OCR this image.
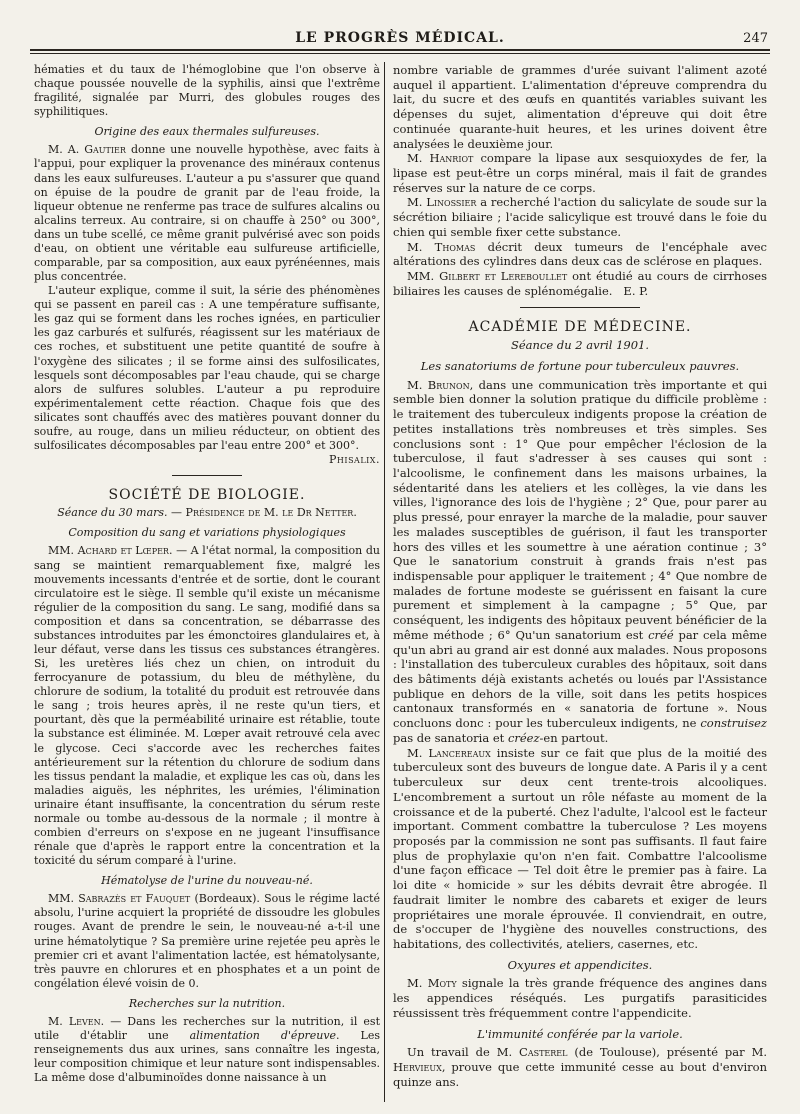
LE PROGRÈS MÉDICAL.	247

hématies et du taux de l'hémoglobine que l'on observe à chaque poussée nouvelle de la syphilis, ainsi que l'extrême fragilité, signalée par Murri, des globules rouges des syphilitiques.

Origine des eaux thermales sulfureuses.

M. A. Gautier donne une nouvelle hypothèse, avec faits à l'appui, pour expliquer la provenance des minéraux contenus dans les eaux sulfureuses. L'auteur a pu s'assurer que quand on épuise de la poudre de granit par de l'eau froide, la liqueur obtenue ne renferme pas trace de sulfures alcalins ou alcalins terreux. Au contraire, si on chauffe à 250° ou 300°, dans un tube scellé, ce même granit pulvérisé avec son poids d'eau, on obtient une véritable eau sulfureuse artificielle, comparable, par sa composition, aux eaux pyrénéennes, mais plus concentrée.

L'auteur explique, comme il suit, la série des phénomènes qui se passent en pareil cas : A une température suffisante, les gaz qui se forment dans les roches ignées, en particulier les gaz carburés et sulfurés, réagissent sur les matériaux de ces roches, et substituent une petite quantité de soufre à l'oxygène des silicates ; il se forme ainsi des sulfosilicates, lesquels sont décomposables par l'eau chaude, qui se charge alors de sulfures solubles. L'auteur a pu reproduire expérimentalement cette réaction. Chaque fois que des silicates sont chauffés avec des matières pouvant donner du soufre, au rouge, dans un milieu réducteur, on obtient des sulfosilicates décomposables par l'eau entre 200° et 300°.

Phisalix.
SOCIÉTÉ DE BIOLOGIE.
Séance du 30 mars. — Présidence de M. le Dr Netter.
Composition du sang et variations physiologiques

MM. Achard et Lœper. — A l'état normal, la composition du sang se maintient remarquablement fixe, malgré les mouvements incessants d'entrée et de sortie, dont le courant circulatoire est le siège. Il semble qu'il existe un mécanisme régulier de la composition du sang. Le sang, modifié dans sa composition et dans sa concentration, se débarrasse des substances introduites par les émonctoires glandulaires et, à leur défaut, verse dans les tissus ces substances étrangères. Si, les uretères liés chez un chien, on introduit du ferrocyanure de potassium, du bleu de méthylène, du chlorure de sodium, la totalité du produit est retrouvée dans le sang ; trois heures après, il ne reste qu'un tiers, et pourtant, dès que la perméabilité urinaire est rétablie, toute la substance est éliminée. M. Lœper avait retrouvé cela avec le glycose. Ceci s'accorde avec les recherches faites antérieurement sur la rétention du chlorure de sodium dans les tissus pendant la maladie, et explique les cas où, dans les maladies aiguës, les néphrites, les urémies, l'élimination urinaire étant insuffisante, la concentration du sérum reste normale ou tombe au-dessous de la normale ; il montre à combien d'erreurs on s'expose en ne jugeant l'insuffisance rénale que d'après le rapport entre la concentration et la toxicité du sérum comparé à l'urine.

Hématolyse de l'urine du nouveau-né.

MM. Sabrazès et Fauquet (Bordeaux). Sous le régime lacté absolu, l'urine acquiert la propriété de dissoudre les globules rouges. Avant de prendre le sein, le nouveau-né a-t-il une urine hématolytique ? Sa première urine rejetée peu après le premier cri et avant l'alimentation lactée, est hématolysante, très pauvre en chlorures et en phosphates et a un point de congélation élevé voisin de 0.

Recherches sur la nutrition.

M. Leven. — Dans les recherches sur la nutrition, il est utile d'établir une alimentation d'épreuve. Les renseignements dus aux urines, sans connaître les ingesta, leur composition chimique et leur nature sont indispensables. La même dose d'albuminoïdes donne naissance à un

nombre variable de grammes d'urée suivant l'aliment azoté auquel il appartient. L'alimentation d'épreuve comprendra du lait, du sucre et des œufs en quantités variables suivant les dépenses du sujet, alimentation d'épreuve qui doit être continuée quarante-huit heures, et les urines doivent être analysées le deuxième jour.

M. Hanriot compare la lipase aux sesquioxydes de fer, la lipase est peut-être un corps minéral, mais il fait de grandes réserves sur la nature de ce corps.

M. Linossier a recherché l'action du salicylate de soude sur la sécrétion biliaire ; l'acide salicylique est trouvé dans le foie du chien qui semble fixer cette substance.

M. Thomas décrit deux tumeurs de l'encéphale avec altérations des cylindres dans deux cas de sclérose en plaques.

MM. Gilbert et Lereboullet ont étudié au cours de cirrhoses biliaires les causes de splénomégalie. E. P.

ACADÉMIE DE MÉDECINE.
Séance du 2 avril 1901.
Les sanatoriums de fortune pour tuberculeux pauvres.

M. Brunon, dans une communication très importante et qui semble bien donner la solution pratique du difficile problème : le traitement des tuberculeux indigents propose la création de petites installations très nombreuses et très simples. Ses conclusions sont : 1° Que pour empêcher l'éclosion de la tuberculose, il faut s'adresser à ses causes qui sont : l'alcoolisme, le confinement dans les maisons urbaines, la sédentarité dans les ateliers et les collèges, la vie dans les villes, l'ignorance des lois de l'hygiène ; 2° Que, pour parer au plus pressé, pour enrayer la marche de la maladie, pour sauver les malades susceptibles de guérison, il faut les transporter hors des villes et les soumettre à une aération continue ; 3° Que le sanatorium construit à grands frais n'est pas indispensable pour appliquer le traitement ; 4° Que nombre de malades de fortune modeste se guérissent en faisant la cure purement et simplement à la campagne ; 5° Que, par conséquent, les indigents des hôpitaux peuvent bénéficier de la même méthode ; 6° Qu'un sanatorium est créé par cela même qu'un abri au grand air est donné aux malades. Nous proposons : l'installation des tuberculeux curables des hôpitaux, soit dans des bâtiments déjà existants achetés ou loués par l'Assistance publique en dehors de la ville, soit dans les petits hospices cantonaux transformés en « sanatoria de fortune ». Nous concluons donc : pour les tuberculeux indigents, ne construisez pas de sanatoria et créez-en partout.

M. Lancereaux insiste sur ce fait que plus de la moitié des tuberculeux sont des buveurs de longue date. A Paris il y a cent tuberculeux sur deux cent trente-trois alcooliques. L'encombrement a surtout un rôle néfaste au moment de la croissance et de la puberté. Chez l'adulte, l'alcool est le facteur important. Comment combattre la tuberculose ? Les moyens proposés par la commission ne sont pas suffisants. Il faut faire plus de prophylaxie qu'on n'en fait. Combattre l'alcoolisme d'une façon efficace — Tel doit être le premier pas à faire. La loi dite « homicide » sur les débits devrait être abrogée. Il faudrait limiter le nombre des cabarets et exiger de leurs propriétaires une morale éprouvée. Il conviendrait, en outre, de s'occuper de l'hygiène des nouvelles constructions, des habitations, des collectivités, ateliers, casernes, etc.

Oxyures et appendicites.

M. Moty signale la très grande fréquence des angines dans les appendices réséqués. Les purgatifs parasiticides réussissent très fréquemment contre l'appendicite.

L'immunité conférée par la variole.

Un travail de M. Casterel (de Toulouse), présenté par M. Hervieux, prouve que cette immunité cesse au bout d'environ quinze ans.
